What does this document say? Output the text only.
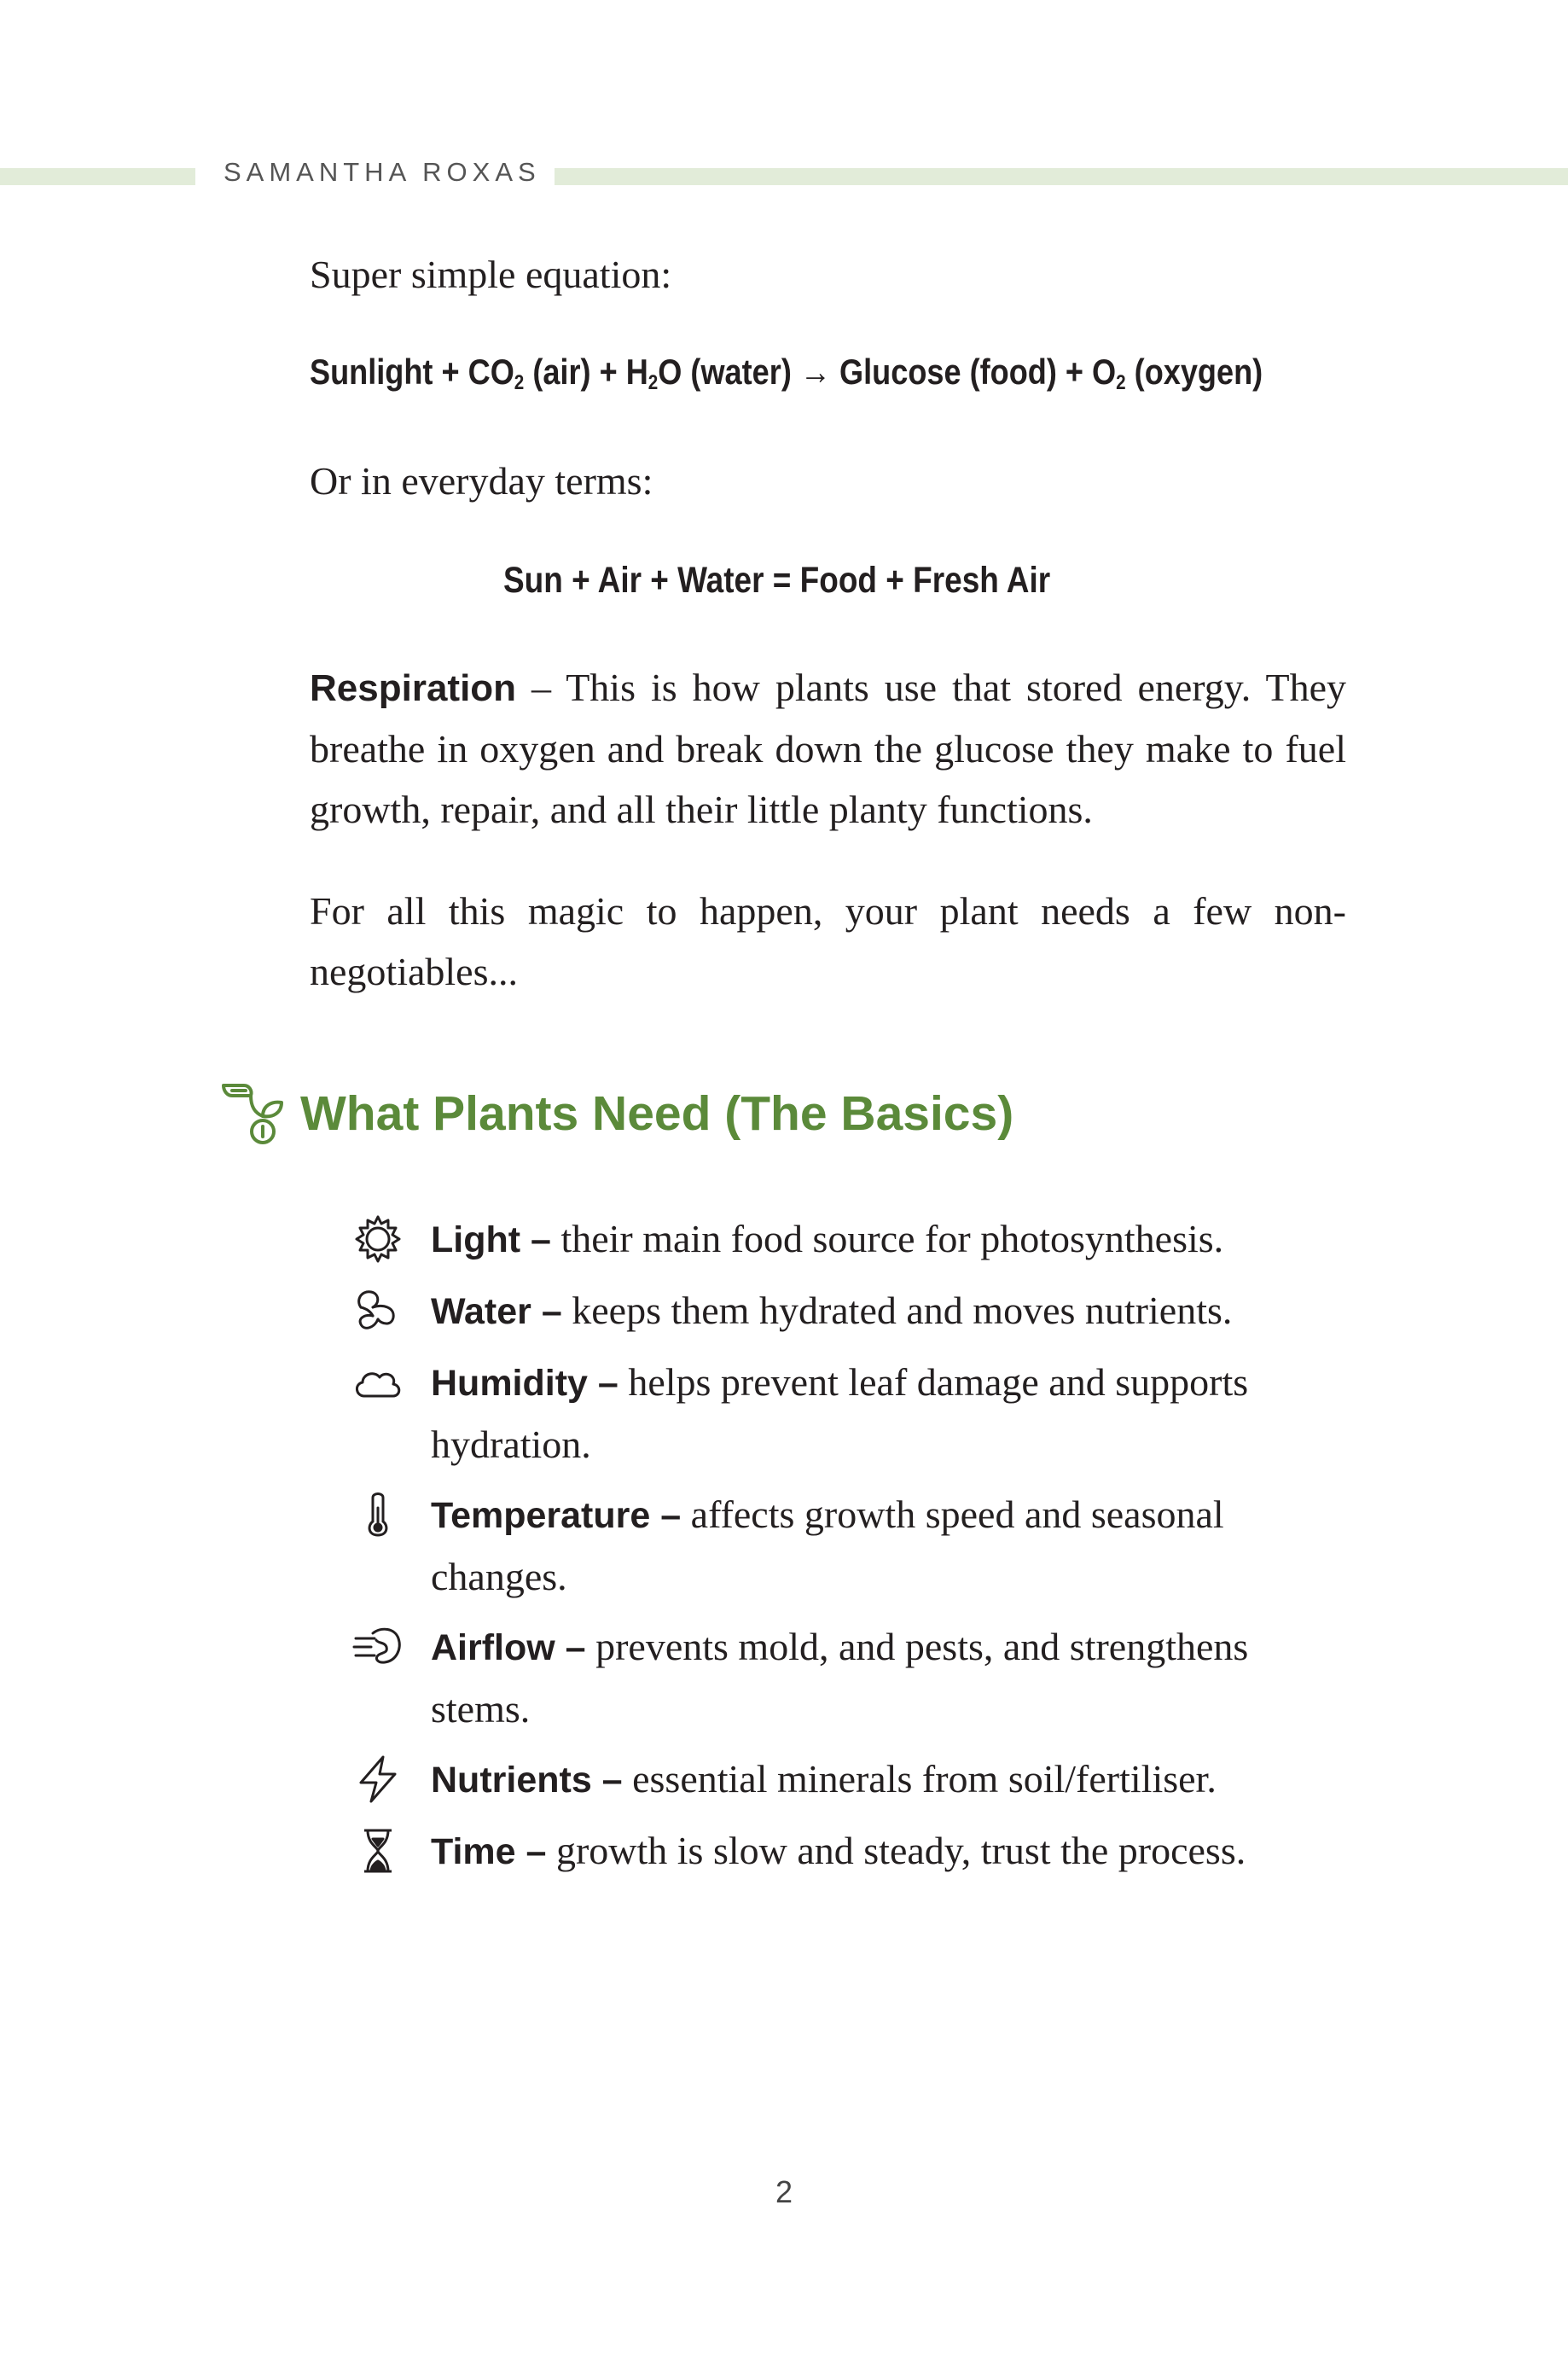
SAMANTHA ROXAS

Super simple equation:

Sunlight + $CO_2$ $(air) + H_2O$ (water) → Glucose (food) + $O_2$ (oxygen)

Or in everyday terms:

Sun + Air + Water = Food + Fresh Air

Respiration – This is how plants use that stored energy. They breathe in oxygen and break down the glucose they make to fuel growth, repair, and all their little planty functions.

For all this magic to happen, your plant needs a few non-negotiables...

What Plants Need (The Basics)

Light – their main food source for photosynthesis.

Water – keeps them hydrated and moves nutrients.

Humidity – helps prevent leaf damage and supports hydration.

Temperature – affects growth speed and seasonal changes.

Airflow – prevents mold, and pests, and strengthens stems.

Nutrients – essential minerals from soil/fertiliser.

Time – growth is slow and steady, trust the process.

2
